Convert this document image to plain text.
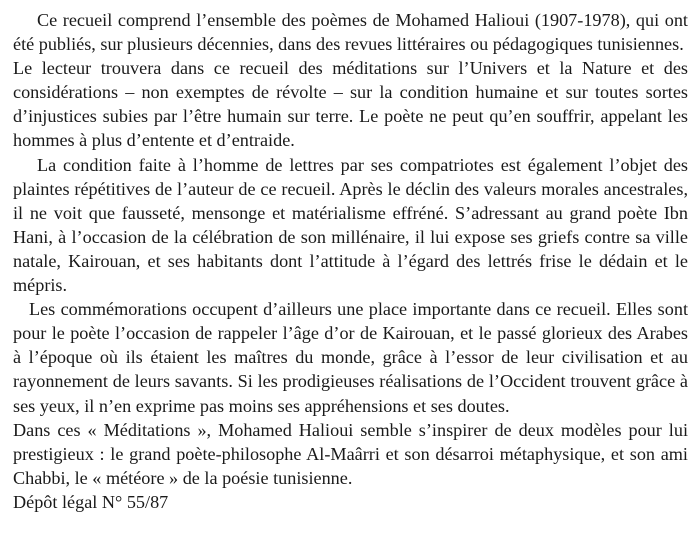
Ce recueil comprend l’ensemble des poèmes de Mohamed Halioui (1907-1978), qui ont été publiés, sur plusieurs décennies, dans des revues littéraires ou pédagogiques tunisiennes.

Le lecteur trouvera dans ce recueil des méditations sur l’Univers et la Nature et des considérations – non exemptes de révolte – sur la condition humaine et sur toutes sortes d’injustices subies par l’être humain sur terre. Le poète ne peut qu’en souffrir, appelant les hommes à plus d’entente et d’entraide.

La condition faite à l’homme de lettres par ses compatriotes est également l’objet des plaintes répétitives de l’auteur de ce recueil. Après le déclin des valeurs morales ancestrales, il ne voit que fausseté, mensonge et matérialisme effréné. S’adressant au grand poète Ibn Hani, à l’occasion de la célébration de son millénaire, il lui expose ses griefs contre sa ville natale, Kairouan, et ses habitants dont l’attitude à l’égard des lettrés frise le dédain et le mépris.

Les commémorations occupent d’ailleurs une place importante dans ce recueil. Elles sont pour le poète l’occasion de rappeler l’âge d’or de Kairouan, et le passé glorieux des Arabes à l’époque où ils étaient les maîtres du monde, grâce à l’essor de leur civilisation et au rayonnement de leurs savants. Si les prodigieuses réalisations de l’Occident trouvent grâce à ses yeux, il n’en exprime pas moins ses appréhensions et ses doutes.

Dans ces « Méditations », Mohamed Halioui semble s’inspirer de deux modèles pour lui prestigieux : le grand poète-philosophe Al-Maârri et son désarroi métaphysique, et son ami Chabbi, le « météore » de la poésie tunisienne.

Dépôt légal N° 55/87
